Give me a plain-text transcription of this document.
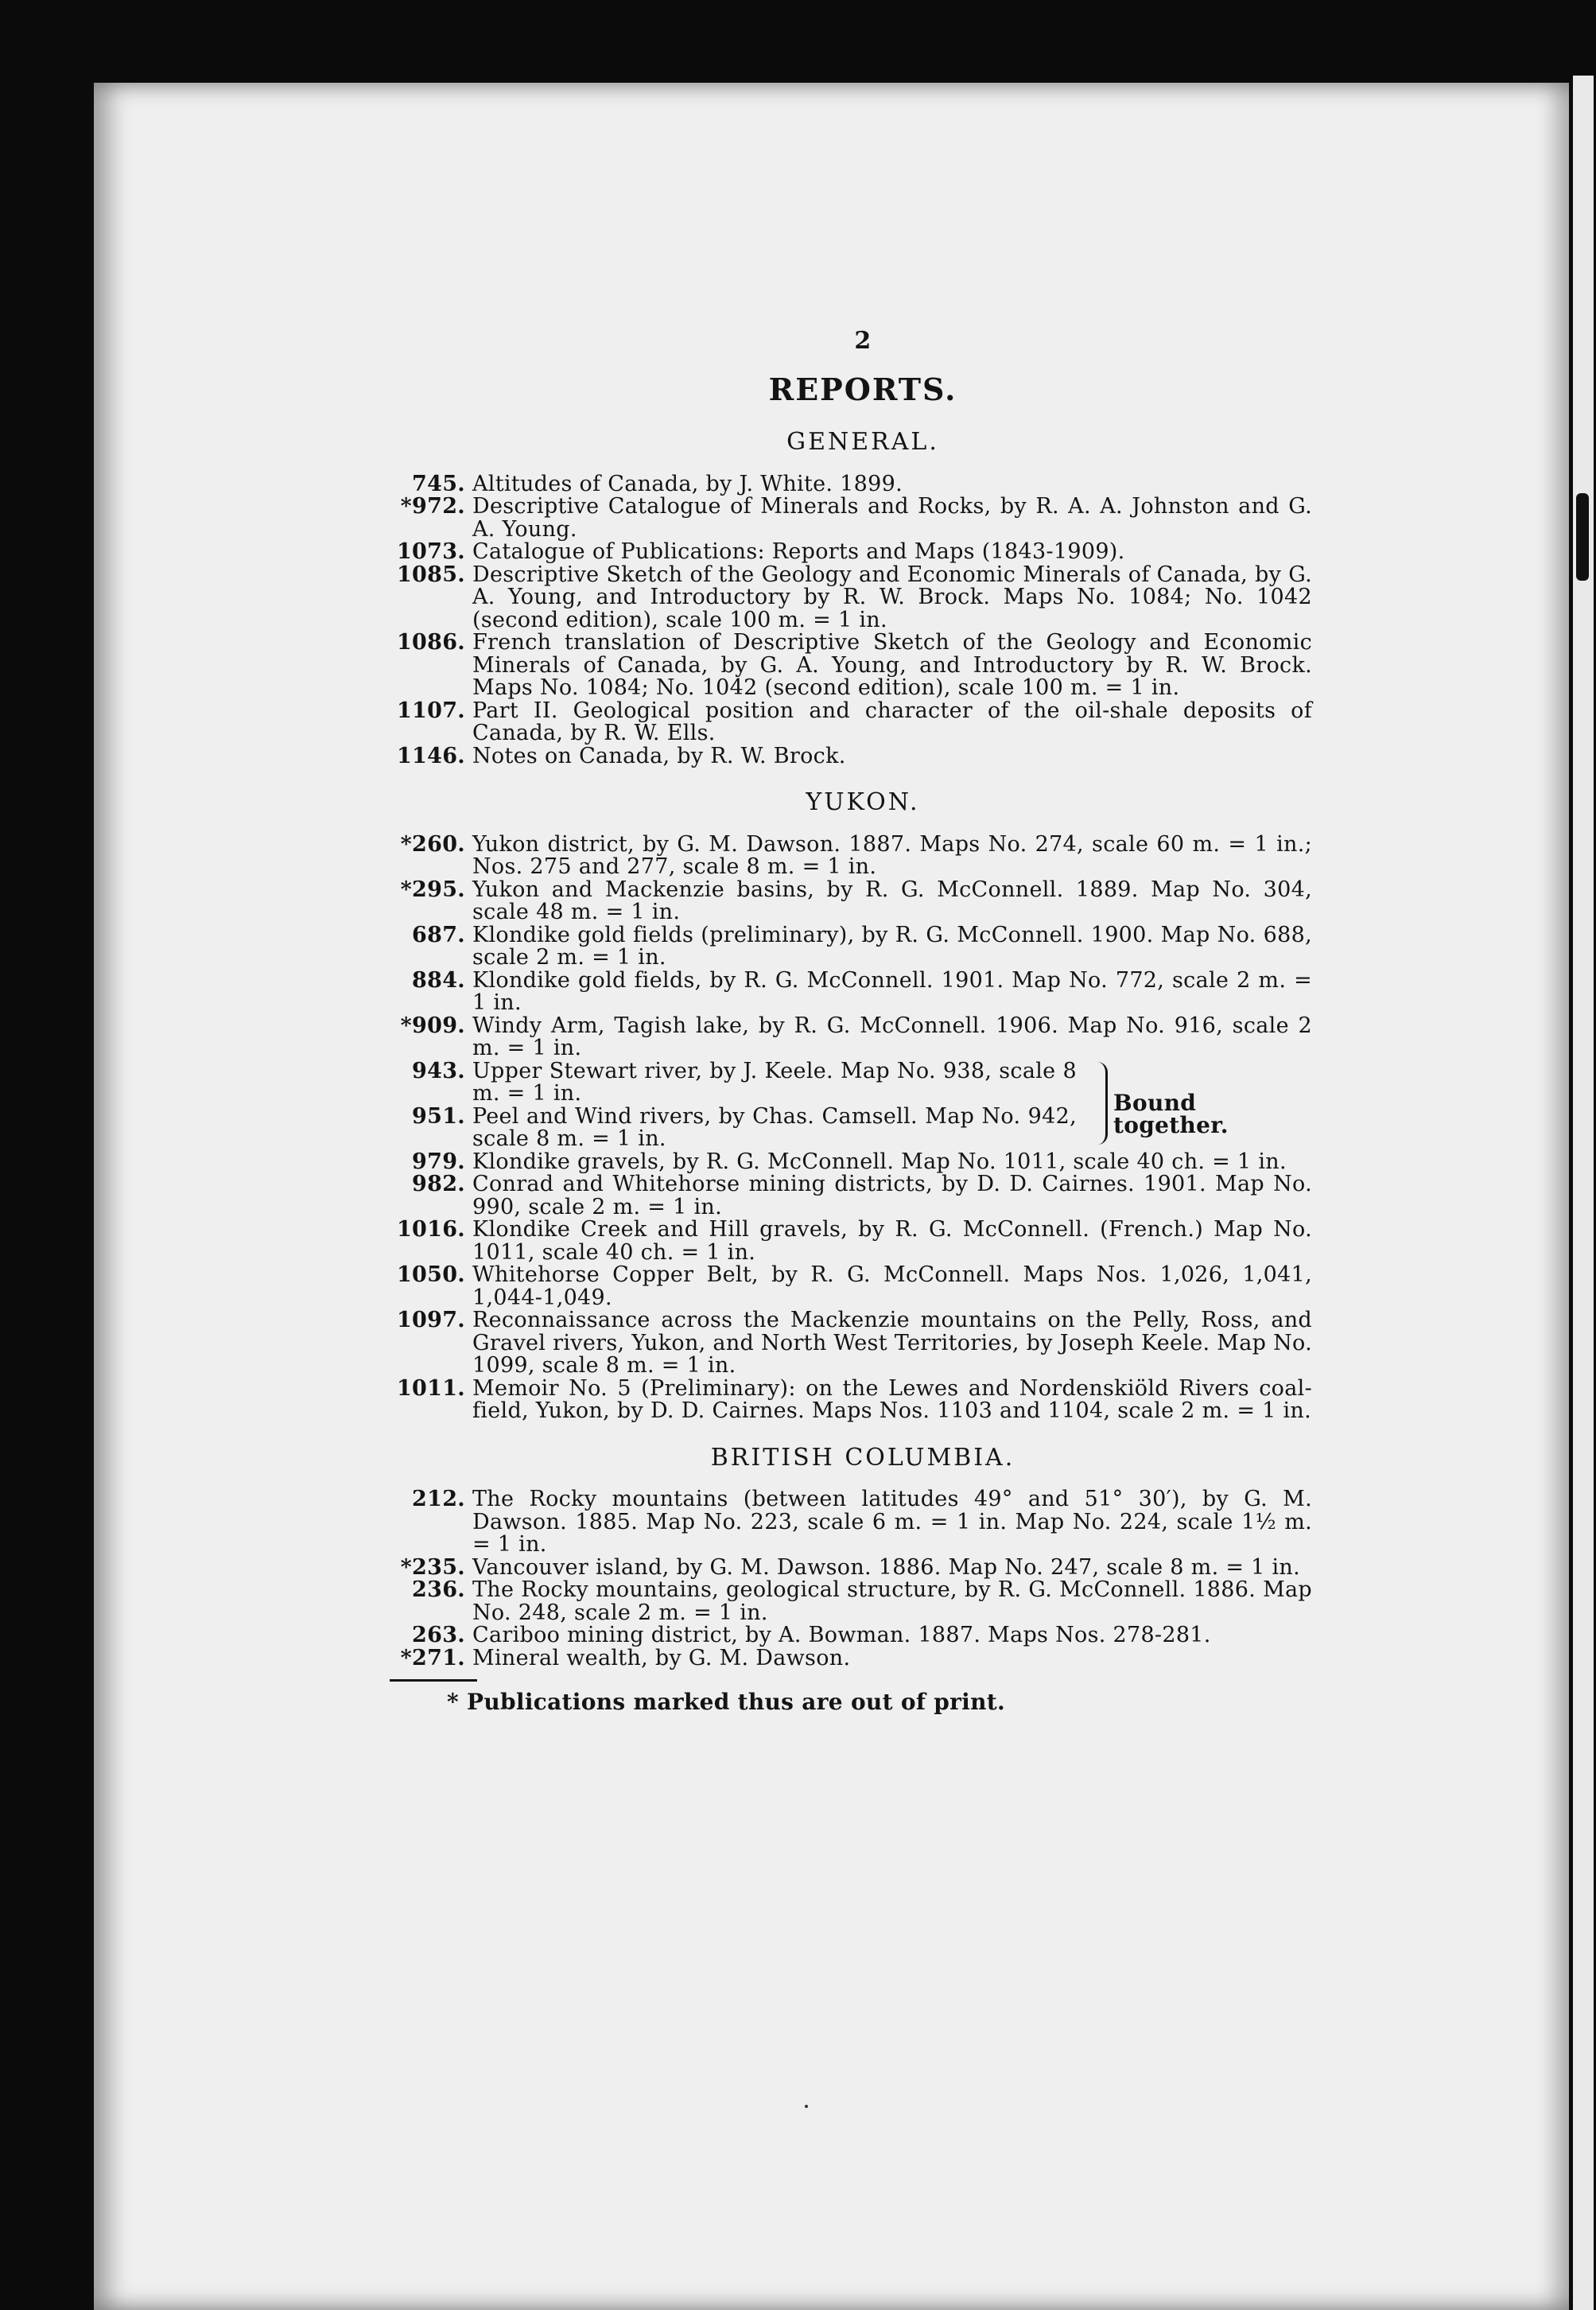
2
REPORTS.
GENERAL.
745. Altitudes of Canada, by J. White. 1899.
*972. Descriptive Catalogue of Minerals and Rocks, by R. A. A. Johnston and G. A. Young.
1073. Catalogue of Publications: Reports and Maps (1843-1909).
1085. Descriptive Sketch of the Geology and Economic Minerals of Canada, by G. A. Young, and Introductory by R. W. Brock. Maps No. 1084; No. 1042 (second edition), scale 100 m. = 1 in.
1086. French translation of Descriptive Sketch of the Geology and Economic Minerals of Canada, by G. A. Young, and Introductory by R. W. Brock. Maps No. 1084; No. 1042 (second edition), scale 100 m. = 1 in.
1107. Part II. Geological position and character of the oil-shale deposits of Canada, by R. W. Ells.
1146. Notes on Canada, by R. W. Brock.
YUKON.
*260. Yukon district, by G. M. Dawson. 1887. Maps No. 274, scale 60 m. = 1 in.; Nos. 275 and 277, scale 8 m. = 1 in.
*295. Yukon and Mackenzie basins, by R. G. McConnell. 1889. Map No. 304, scale 48 m. = 1 in.
687. Klondike gold fields (preliminary), by R. G. McConnell. 1900. Map No. 688, scale 2 m. = 1 in.
884. Klondike gold fields, by R. G. McConnell. 1901. Map No. 772, scale 2 m. = 1 in.
*909. Windy Arm, Tagish lake, by R. G. McConnell. 1906. Map No. 916, scale 2 m. = 1 in.
943. Upper Stewart river, by J. Keele. Map No. 938, scale 8 m. = 1 in.
951. Peel and Wind rivers, by Chas. Camsell. Map No. 942, scale 8 m. = 1 in.
Bound together.
979. Klondike gravels, by R. G. McConnell. Map No. 1011, scale 40 ch. = 1 in.
982. Conrad and Whitehorse mining districts, by D. D. Cairnes. 1901. Map No. 990, scale 2 m. = 1 in.
1016. Klondike Creek and Hill gravels, by R. G. McConnell. (French.) Map No. 1011, scale 40 ch. = 1 in.
1050. Whitehorse Copper Belt, by R. G. McConnell. Maps Nos. 1,026, 1,041, 1,044-1,049.
1097. Reconnaissance across the Mackenzie mountains on the Pelly, Ross, and Gravel rivers, Yukon, and North West Territories, by Joseph Keele. Map No. 1099, scale 8 m. = 1 in.
1011. Memoir No. 5 (Preliminary): on the Lewes and Nordenskiöld Rivers coal-field, Yukon, by D. D. Cairnes. Maps Nos. 1103 and 1104, scale 2 m. = 1 in.
BRITISH COLUMBIA.
212. The Rocky mountains (between latitudes 49° and 51° 30′), by G. M. Dawson. 1885. Map No. 223, scale 6 m. = 1 in. Map No. 224, scale 1½ m. = 1 in.
*235. Vancouver island, by G. M. Dawson. 1886. Map No. 247, scale 8 m. = 1 in.
236. The Rocky mountains, geological structure, by R. G. McConnell. 1886. Map No. 248, scale 2 m. = 1 in.
263. Cariboo mining district, by A. Bowman. 1887. Maps Nos. 278-281.
*271. Mineral wealth, by G. M. Dawson.
* Publications marked thus are out of print.
